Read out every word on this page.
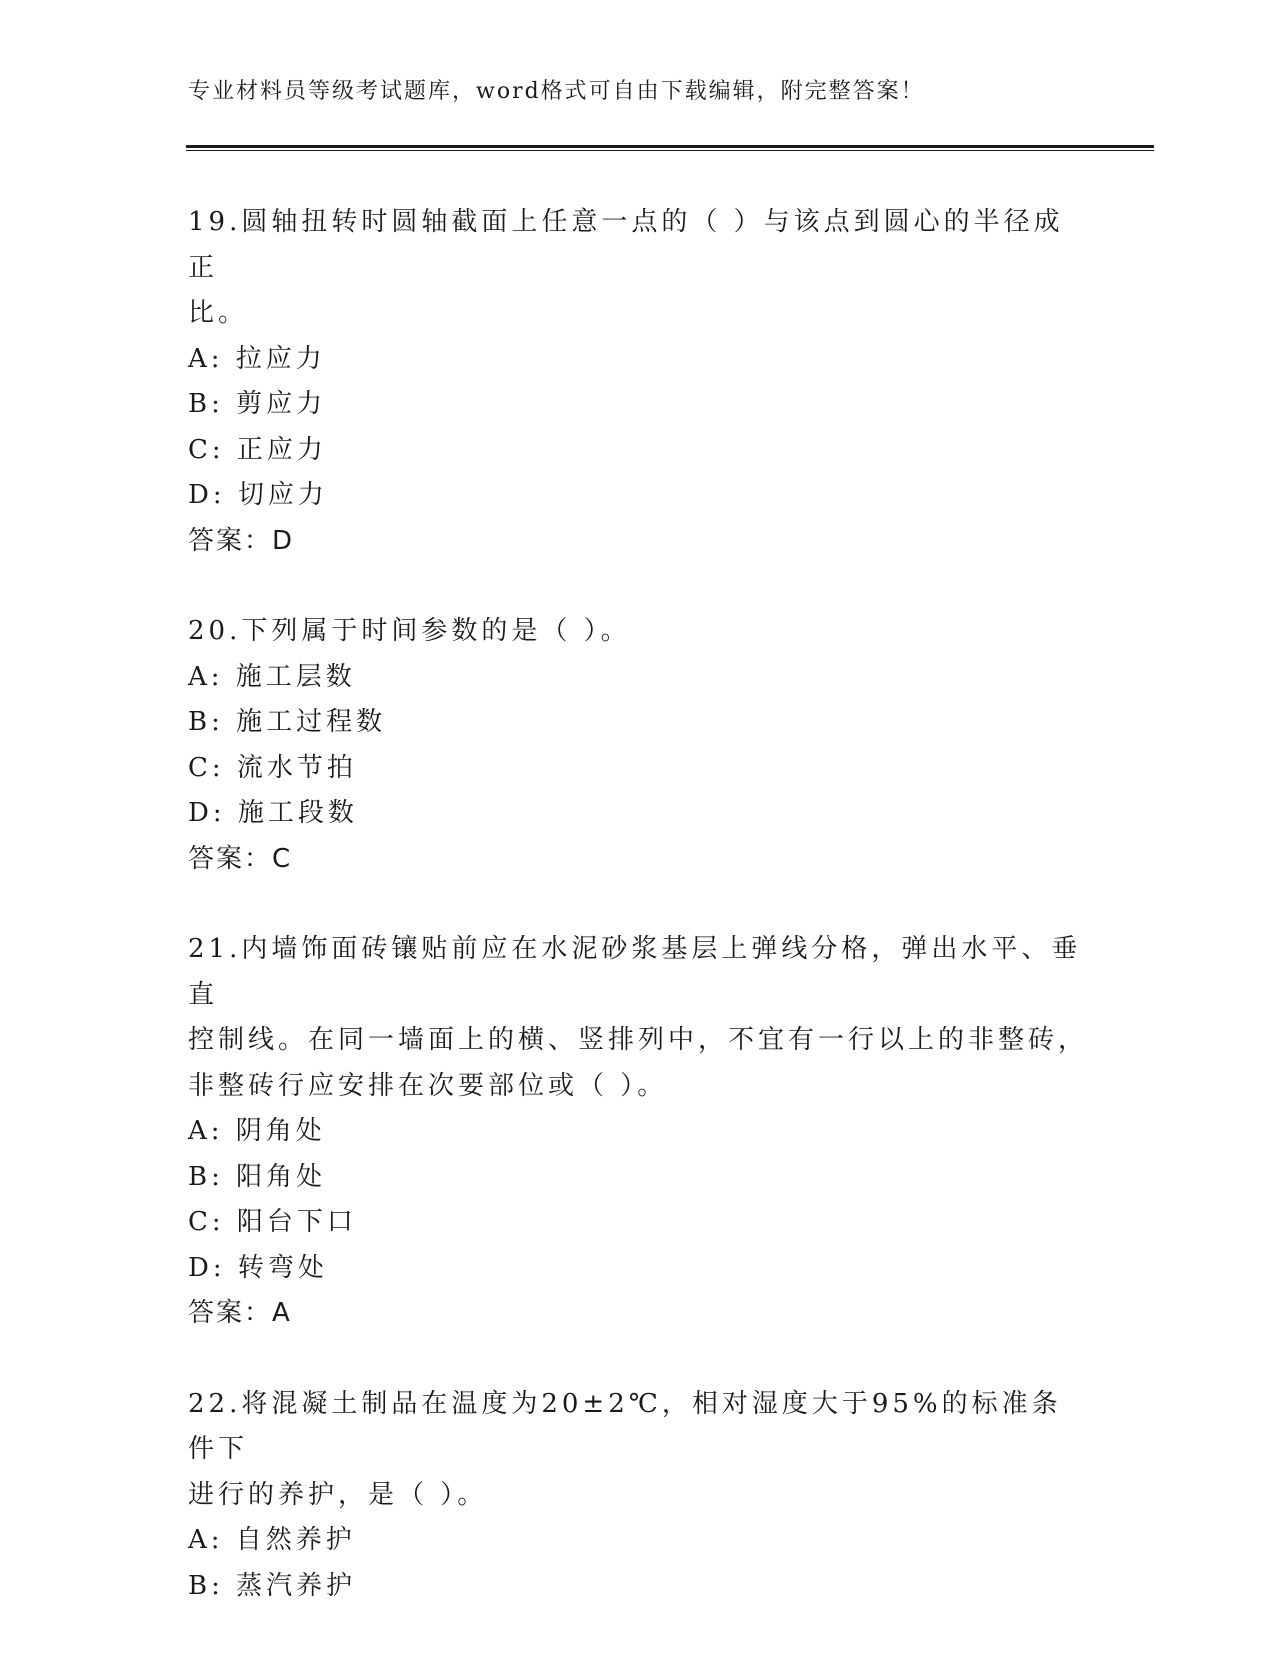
专业材料员等级考试题库，word格式可自由下载编辑，附完整答案！

19.圆轴扭转时圆轴截面上任意一点的（ ）与该点到圆心的半径成正

比。

A: 拉应力

B: 剪应力

C: 正应力

D: 切应力

答案：D

20.下列属于时间参数的是（ ）。

A: 施工层数

B: 施工过程数

C: 流水节拍

D: 施工段数

答案：C

21.内墙饰面砖镶贴前应在水泥砂浆基层上弹线分格，弹出水平、垂直

控制线。在同一墙面上的横、竖排列中，不宜有一行以上的非整砖，

非整砖行应安排在次要部位或（ ）。

A: 阴角处

B: 阳角处

C: 阳台下口

D: 转弯处

答案：A

22.将混凝土制品在温度为20±2℃，相对湿度大于95%的标准条件下

进行的养护，是（ ）。

A: 自然养护

B: 蒸汽养护
